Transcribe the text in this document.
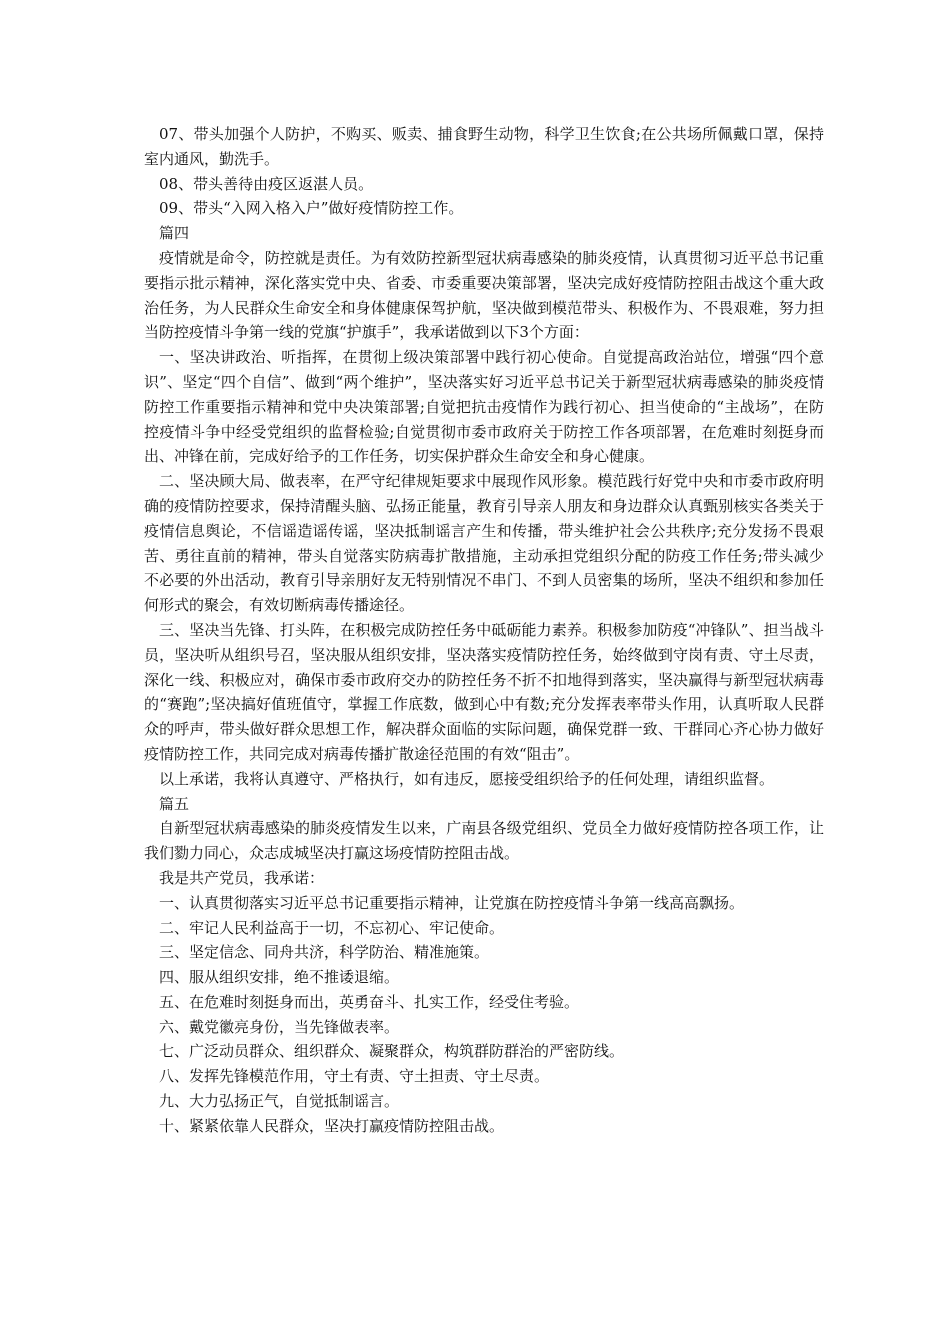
07、带头加强个人防护，不购买、贩卖、捕食野生动物，科学卫生饮食;在公共场所佩戴口罩，保持室内通风，勤洗手。

08、带头善待由疫区返湛人员。

09、带头“入网入格入户”做好疫情防控工作。

篇四

疫情就是命令，防控就是责任。为有效防控新型冠状病毒感染的肺炎疫情，认真贯彻习近平总书记重要指示批示精神，深化落实党中央、省委、市委重要决策部署，坚决完成好疫情防控阻击战这个重大政治任务，为人民群众生命安全和身体健康保驾护航，坚决做到模范带头、积极作为、不畏艰难，努力担当防控疫情斗争第一线的党旗“护旗手”，我承诺做到以下3个方面：

一、坚决讲政治、听指挥，在贯彻上级决策部署中践行初心使命。自觉提高政治站位，增强“四个意识”、坚定“四个自信”、做到“两个维护”，坚决落实好习近平总书记关于新型冠状病毒感染的肺炎疫情防控工作重要指示精神和党中央决策部署;自觉把抗击疫情作为践行初心、担当使命的“主战场”，在防控疫情斗争中经受党组织的监督检验;自觉贯彻市委市政府关于防控工作各项部署，在危难时刻挺身而出、冲锋在前，完成好给予的工作任务，切实保护群众生命安全和身心健康。

二、坚决顾大局、做表率，在严守纪律规矩要求中展现作风形象。模范践行好党中央和市委市政府明确的疫情防控要求，保持清醒头脑、弘扬正能量，教育引导亲人朋友和身边群众认真甄别核实各类关于疫情信息舆论，不信谣造谣传谣，坚决抵制谣言产生和传播，带头维护社会公共秩序;充分发扬不畏艰苦、勇往直前的精神，带头自觉落实防病毒扩散措施，主动承担党组织分配的防疫工作任务;带头减少不必要的外出活动，教育引导亲朋好友无特别情况不串门、不到人员密集的场所，坚决不组织和参加任何形式的聚会，有效切断病毒传播途径。

三、坚决当先锋、打头阵，在积极完成防控任务中砥砺能力素养。积极参加防疫“冲锋队”、担当战斗员，坚决听从组织号召，坚决服从组织安排，坚决落实疫情防控任务，始终做到守岗有责、守土尽责，深化一线、积极应对，确保市委市政府交办的防控任务不折不扣地得到落实，坚决赢得与新型冠状病毒的“赛跑”;坚决搞好值班值守，掌握工作底数，做到心中有数;充分发挥表率带头作用，认真听取人民群众的呼声，带头做好群众思想工作，解决群众面临的实际问题，确保党群一致、干群同心齐心协力做好疫情防控工作，共同完成对病毒传播扩散途径范围的有效“阻击”。

以上承诺，我将认真遵守、严格执行，如有违反，愿接受组织给予的任何处理，请组织监督。

篇五

自新型冠状病毒感染的肺炎疫情发生以来，广南县各级党组织、党员全力做好疫情防控各项工作，让我们勠力同心，众志成城坚决打赢这场疫情防控阻击战。

我是共产党员，我承诺：

一、认真贯彻落实习近平总书记重要指示精神，让党旗在防控疫情斗争第一线高高飘扬。

二、牢记人民利益高于一切，不忘初心、牢记使命。

三、坚定信念、同舟共济，科学防治、精准施策。

四、服从组织安排，绝不推诿退缩。

五、在危难时刻挺身而出，英勇奋斗、扎实工作，经受住考验。

六、戴党徽亮身份，当先锋做表率。

七、广泛动员群众、组织群众、凝聚群众，构筑群防群治的严密防线。

八、发挥先锋模范作用，守土有责、守土担责、守土尽责。

九、大力弘扬正气，自觉抵制谣言。

十、紧紧依靠人民群众，坚决打赢疫情防控阻击战。
